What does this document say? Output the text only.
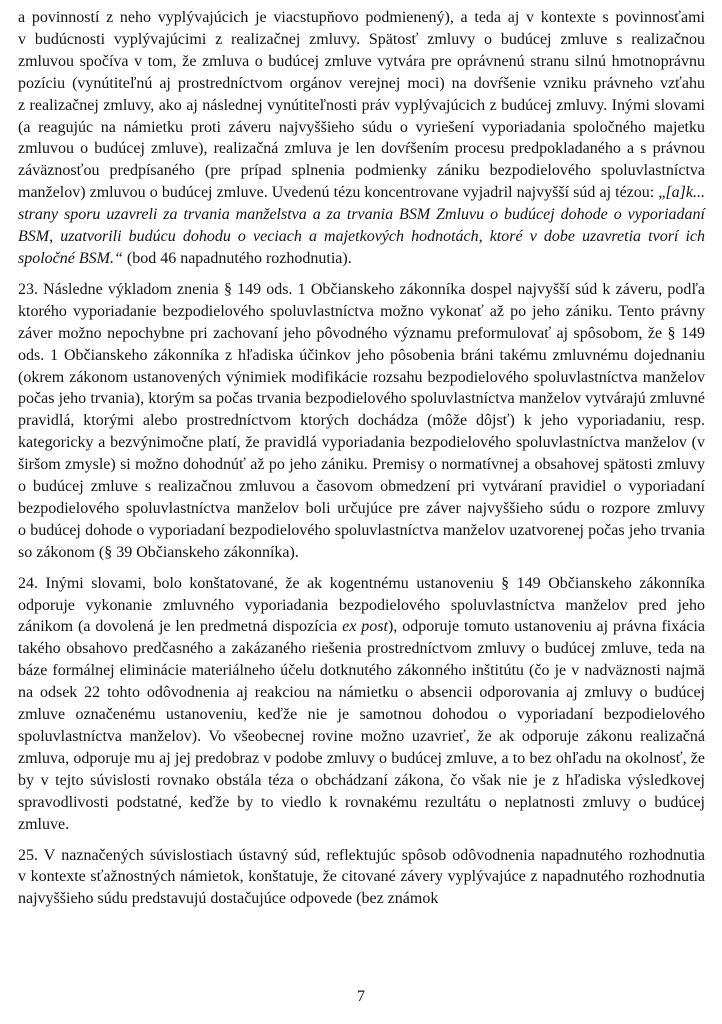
a povinností z neho vyplývajúcich je viacstupňovo podmienený), a teda aj v kontexte s povinnosťami v budúcnosti vyplývajúcimi z realizačnej zmluvy. Spätosť zmluvy o budúcej zmluve s realizačnou zmluvou spočíva v tom, že zmluva o budúcej zmluve vytvára pre oprávnenú stranu silnú hmotnoprávnu pozíciu (vynútiteľnú aj prostredníctvom orgánov verejnej moci) na dovŕšenie vzniku právneho vzťahu z realizačnej zmluvy, ako aj následnej vynútiteľnosti práv vyplývajúcich z budúcej zmluvy. Inými slovami (a reagujúc na námietku proti záveru najvyššieho súdu o vyriešení vyporiadania spoločného majetku zmluvou o budúcej zmluve), realizačná zmluva je len dovŕšením procesu predpokladaného a s právnou záväznosťou predpísaného (pre prípad splnenia podmienky zániku bezpodielového spoluvlastníctva manželov) zmluvou o budúcej zmluve. Uvedenú tézu koncentrovane vyjadril najvyšší súd aj tézou: „[a]k... strany sporu uzavreli za trvania manželstva a za trvania BSM Zmluvu o budúcej dohode o vyporiadaní BSM, uzatvorili budúcu dohodu o veciach a majetkových hodnotách, ktoré v dobe uzavretia tvorí ich spoločné BSM.“ (bod 46 napadnutého rozhodnutia).

23. Následne výkladom znenia § 149 ods. 1 Občianskeho zákonníka dospel najvyšší súd k záveru, podľa ktorého vyporiadanie bezpodielového spoluvlastníctva možno vykonať až po jeho zániku. Tento právny záver možno nepochybne pri zachovaní jeho pôvodného významu preformulovať aj spôsobom, že § 149 ods. 1 Občianskeho zákonníka z hľadiska účinkov jeho pôsobenia bráni takému zmluvnému dojednaniu (okrem zákonom ustanovených výnimiek modifikácie rozsahu bezpodielového spoluvlastníctva manželov počas jeho trvania), ktorým sa počas trvania bezpodielového spoluvlastníctva manželov vytvárajú zmluvné pravidlá, ktorými alebo prostredníctvom ktorých dochádza (môže dôjsť) k jeho vyporiadaniu, resp. kategoricky a bezvýnimočne platí, že pravidlá vyporiadania bezpodielového spoluvlastníctva manželov (v širšom zmysle) si možno dohodnúť až po jeho zániku. Premisy o normatívnej a obsahovej spätosti zmluvy o budúcej zmluve s realizačnou zmluvou a časovom obmedzení pri vytváraní pravidiel o vyporiadaní bezpodielového spoluvlastníctva manželov boli určujúce pre záver najvyššieho súdu o rozpore zmluvy o budúcej dohode o vyporiadaní bezpodielového spoluvlastníctva manželov uzatvorenej počas jeho trvania so zákonom (§ 39 Občianskeho zákonníka).

24. Inými slovami, bolo konštatované, že ak kogentnému ustanoveniu § 149 Občianskeho zákonníka odporuje vykonanie zmluvného vyporiadania bezpodielového spoluvlastníctva manželov pred jeho zánikom (a dovolená je len predmetná dispozícia ex post), odporuje tomuto ustanoveniu aj právna fixácia takého obsahovo predčasného a zakázaného riešenia prostredníctvom zmluvy o budúcej zmluve, teda na báze formálnej eliminácie materiálneho účelu dotknutého zákonného inštitútu (čo je v nadväznosti najmä na odsek 22 tohto odôvodnenia aj reakciou na námietku o absencii odporovania aj zmluvy o budúcej zmluve označenému ustanoveniu, keďže nie je samotnou dohodou o vyporiadaní bezpodielového spoluvlastníctva manželov). Vo všeobecnej rovine možno uzavrieť, že ak odporuje zákonu realizačná zmluva, odporuje mu aj jej predobraz v podobe zmluvy o budúcej zmluve, a to bez ohľadu na okolnosť, že by v tejto súvislosti rovnako obstála téza o obchádzaní zákona, čo však nie je z hľadiska výsledkovej spravodlivosti podstatné, keďže by to viedlo k rovnakému rezultátu o neplatnosti zmluvy o budúcej zmluve.

25. V naznačených súvislostiach ústavný súd, reflektujúc spôsob odôvodnenia napadnutého rozhodnutia v kontexte sťažnostných námietok, konštatuje, že citované závery vyplývajúce z napadnutého rozhodnutia najvyššieho súdu predstavujú dostačujúce odpovede (bez známok

7
